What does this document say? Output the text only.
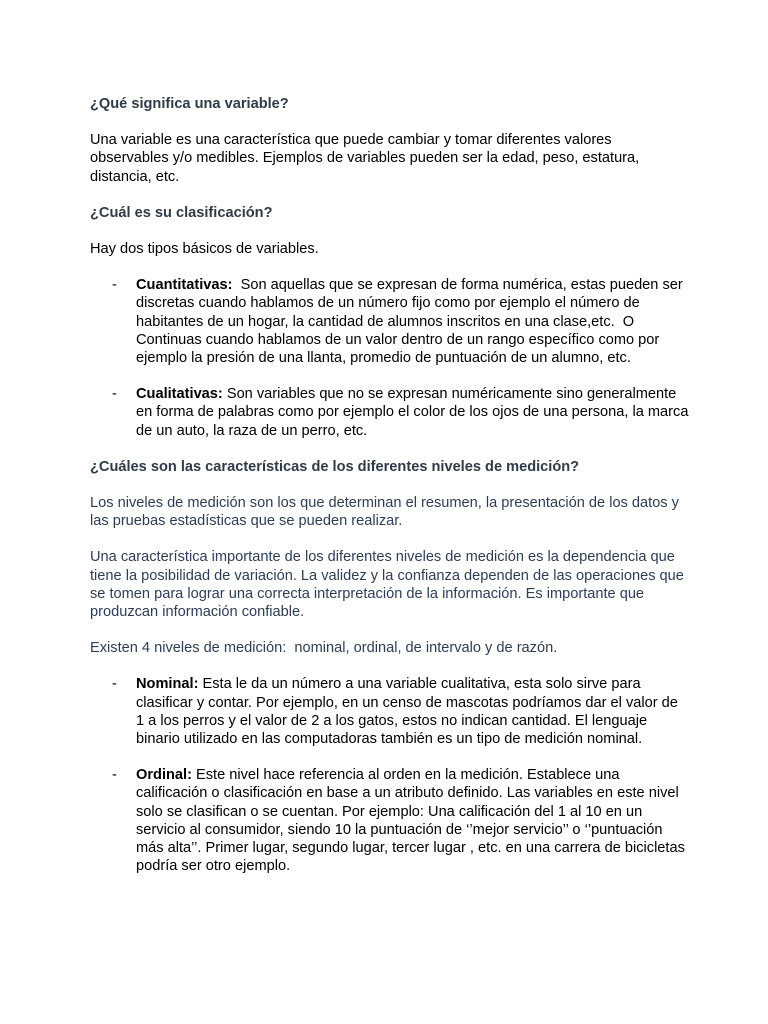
¿Qué significa una variable?

Una variable es una característica que puede cambiar y tomar diferentes valores observables y/o medibles. Ejemplos de variables pueden ser la edad, peso, estatura, distancia, etc.

¿Cuál es su clasificación?

Hay dos tipos básicos de variables.

- Cuantitativas:  Son aquellas que se expresan de forma numérica, estas pueden ser discretas cuando hablamos de un número fijo como por ejemplo el número de habitantes de un hogar, la cantidad de alumnos inscritos en una clase,etc.  O Continuas cuando hablamos de un valor dentro de un rango específico como por ejemplo la presión de una llanta, promedio de puntuación de un alumno, etc.
- Cualitativas: Son variables que no se expresan numéricamente sino generalmente en forma de palabras como por ejemplo el color de los ojos de una persona, la marca de un auto, la raza de un perro, etc.
¿Cuáles son las características de los diferentes niveles de medición?

Los niveles de medición son los que determinan el resumen, la presentación de los datos y las pruebas estadísticas que se pueden realizar.

Una característica importante de los diferentes niveles de medición es la dependencia que tiene la posibilidad de variación. La validez y la confianza dependen de las operaciones que se tomen para lograr una correcta interpretación de la información. Es importante que produzcan información confiable.

Existen 4 niveles de medición:  nominal, ordinal, de intervalo y de razón.

- Nominal: Esta le da un número a una variable cualitativa, esta solo sirve para clasificar y contar. Por ejemplo, en un censo de mascotas podríamos dar el valor de 1 a los perros y el valor de 2 a los gatos, estos no indican cantidad. El lenguaje binario utilizado en las computadoras también es un tipo de medición nominal.
- Ordinal: Este nivel hace referencia al orden en la medición. Establece una calificación o clasificación en base a un atributo definido. Las variables en este nivel solo se clasifican o se cuentan. Por ejemplo: Una calificación del 1 al 10 en un servicio al consumidor, siendo 10 la puntuación de ‘’mejor servicio’’ o ‘’puntuación más alta’’. Primer lugar, segundo lugar, tercer lugar , etc. en una carrera de bicicletas podría ser otro ejemplo.
